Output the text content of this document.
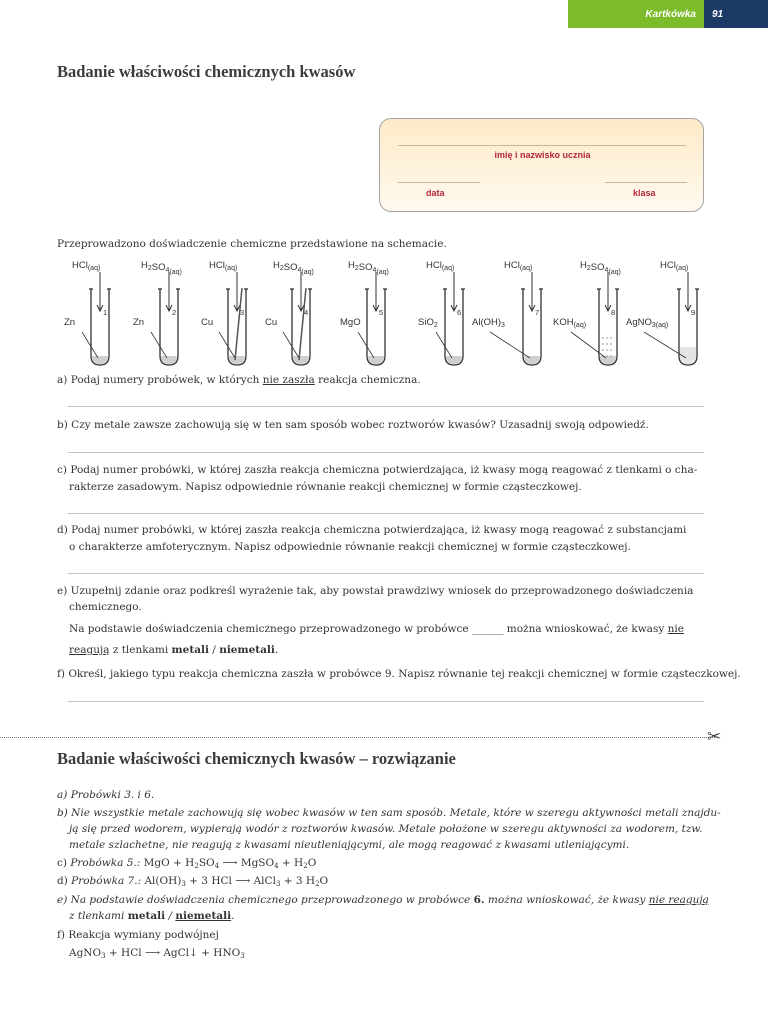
Kartkówka	91
Badanie właściwości chemicznych kwasów
imię i nazwisko ucznia
data	klasa
Przeprowadzono doświadczenie chemiczne przedstawione na schemacie.
HCl$_{(aq)}$
1
Zn
$H_2SO_{4(aq)}$
2
Zn
HCl$_{(aq)}$
3
Cu
$H_2SO_{4(aq)}$
4
Cu
$H_2SO_{4(aq)}$
5
MgO
HCl$_{(aq)}$
6
SiO$_2$
HCl$_{(aq)}$
7
$Al(OH)_3$
$H_2SO_{4(aq)}$
8
$KOH_{(aq)}$
HCl$_{(aq)}$
9
AgNO$_{3(aq)}$
a) Podaj numery probówek, w których nie zaszła reakcja chemiczna.
b) Czy metale zawsze zachowują się w ten sam sposób wobec roztworów kwasów? Uzasadnij swoją odpowiedź.
c) Podaj numer probówki, w której zaszła reakcja chemiczna potwierdzająca, iż kwasy mogą reagować z tlenkami o cha-
rakterze zasadowym. Napisz odpowiednie równanie reakcji chemicznej w formie cząsteczkowej.
d) Podaj numer probówki, w której zaszła reakcja chemiczna potwierdzająca, iż kwasy mogą reagować z substancjami
o charakterze amfoterycznym. Napisz odpowiednie równanie reakcji chemicznej w formie cząsteczkowej.
e) Uzupełnij zdanie oraz podkreśl wyrażenie tak, aby powstał prawdziwy wniosek do przeprowadzonego doświadczenia
chemicznego.
Na podstawie doświadczenia chemicznego przeprowadzonego w probówce ______ można wnioskować, że kwasy nie
reagują z tlenkami metali / niemetali.
f) Określ, jakiego typu reakcja chemiczna zaszła w probówce 9. Napisz równanie tej reakcji chemicznej w formie cząsteczkowej.
✂
Badanie właściwości chemicznych kwasów – rozwiązanie
a) Probówki 3. i 6.
b) Nie wszystkie metale zachowują się wobec kwasów w ten sam sposób. Metale, które w szeregu aktywności metali znajdu-
ją się przed wodorem, wypierają wodór z roztworów kwasów. Metale położone w szeregu aktywności za wodorem, tzw.
metale szlachetne, nie reagują z kwasami nieutleniającymi, ale mogą reagować z kwasami utleniającymi.
c) Probówka 5.: MgO + $H_2SO_4$ ⟶ MgSO$_4$ + $H_2O$
d) Probówka 7.: $Al(OH)_3 + 3$ HCl ⟶ AlCl$_3$ + 3 $H_2O$
e) Na podstawie doświadczenia chemicznego przeprowadzonego w probówce 6. można wnioskować, że kwasy nie reagują
z tlenkami metali / niemetali.
f) Reakcja wymiany podwójnej
AgNO$_3$ + HCl ⟶ AgCl↓ + $HNO_3$
